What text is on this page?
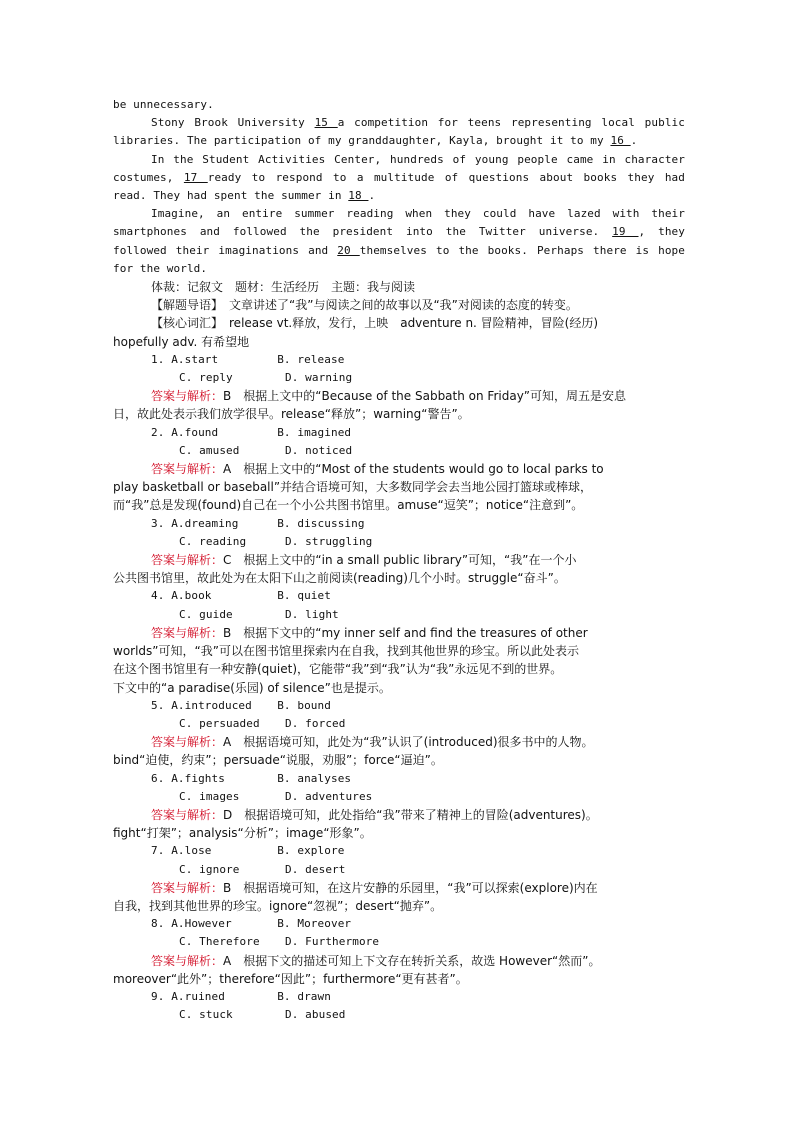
be unnecessary.
Stony Brook University 15 a competition for teens representing local public
libraries. The participation of my granddaughter, Kayla, brought it to my 16 .
In the Student Activities Center, hundreds of young people came in character
costumes, 17 ready to respond to a multitude of questions about books they had
read. They had spent the summer in 18 .
Imagine, an entire summer reading when they could have lazed with their
smartphones and followed the president into the Twitter universe. 19 , they
followed their imaginations and 20 themselves to the books. Perhaps there is hope
for the world.
体裁：记叙文　题材：生活经历　主题：我与阅读
【解题导语】　文章讲述了“我”与阅读之间的故事以及“我”对阅读的态度的转变。
【核心词汇】　release vt.释放，发行，上映　adventure n. 冒险精神，冒险(经历)
hopefully adv. 有希望地
1. A.start	B. release
C. reply	D. warning
答案与解析：B　根据上文中的“Because of the Sabbath on Friday”可知，周五是安息
日，故此处表示我们放学很早。release“释放”；warning“警告”。
2. A.found	B. imagined
C. amused	D. noticed
答案与解析：A　根据上文中的“Most of the students would go to local parks to
play basketball or baseball”并结合语境可知，大多数同学会去当地公园打篮球或棒球，
而“我”总是发现(found)自己在一个小公共图书馆里。amuse“逗笑”；notice“注意到”。
3. A.dreaming	B. discussing
C. reading	D. struggling
答案与解析：C　根据上文中的“in a small public library”可知，“我”在一个小
公共图书馆里，故此处为在太阳下山之前阅读(reading)几个小时。struggle“奋斗”。
4. A.book	B. quiet
C. guide	D. light
答案与解析：B　根据下文中的“my inner self and find the treasures of other
worlds”可知，“我”可以在图书馆里探索内在自我，找到其他世界的珍宝。所以此处表示
在这个图书馆里有一种安静(quiet)，它能带“我”到“我”认为“我”永远见不到的世界。
下文中的“a paradise(乐园) of silence”也是提示。
5. A.introduced B. bound
C. persuaded D. forced
答案与解析：A　根据语境可知，此处为“我”认识了(introduced)很多书中的人物。
bind“迫使，约束”；persuade“说服，劝服”；force“逼迫”。
6. A.fights	B. analyses
C. images	D. adventures
答案与解析：D　根据语境可知，此处指给“我”带来了精神上的冒险(adventures)。
fight“打架”；analysis“分析”；image“形象”。
7. A.lose	B. explore
C. ignore	D. desert
答案与解析：B　根据语境可知，在这片安静的乐园里，“我”可以探索(explore)内在
自我，找到其他世界的珍宝。ignore“忽视”；desert“抛弃”。
8. A.However	B. Moreover
C. Therefore D. Furthermore
答案与解析：A　根据下文的描述可知上下文存在转折关系，故选 However“然而”。
moreover“此外”；therefore“因此”；furthermore“更有甚者”。
9. A.ruined	B. drawn
C. stuck	D. abused
